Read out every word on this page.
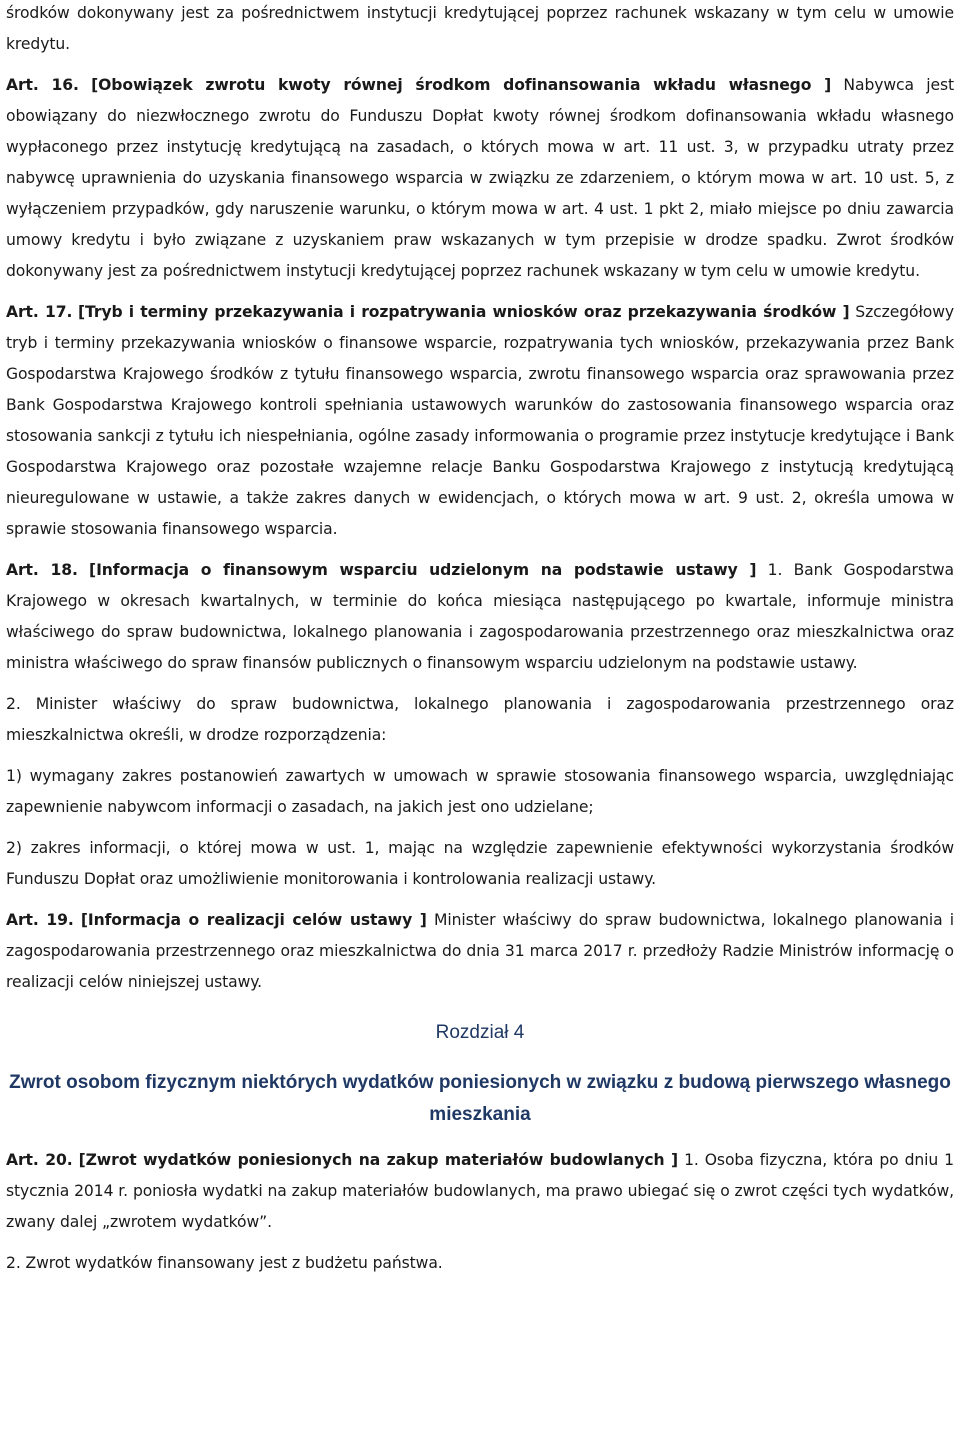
środków dokonywany jest za pośrednictwem instytucji kredytującej poprzez rachunek wskazany w tym celu w umowie kredytu.

Art. 16. [Obowiązek zwrotu kwoty równej środkom dofinansowania wkładu własnego ] Nabywca jest obowiązany do niezwłocznego zwrotu do Funduszu Dopłat kwoty równej środkom dofinansowania wkładu własnego wypłaconego przez instytucję kredytującą na zasadach, o których mowa w art. 11 ust. 3, w przypadku utraty przez nabywcę uprawnienia do uzyskania finansowego wsparcia w związku ze zdarzeniem, o którym mowa w art. 10 ust. 5, z wyłączeniem przypadków, gdy naruszenie warunku, o którym mowa w art. 4 ust. 1 pkt 2, miało miejsce po dniu zawarcia umowy kredytu i było związane z uzyskaniem praw wskazanych w tym przepisie w drodze spadku. Zwrot środków dokonywany jest za pośrednictwem instytucji kredytującej poprzez rachunek wskazany w tym celu w umowie kredytu.

Art. 17. [Tryb i terminy przekazywania i rozpatrywania wniosków oraz przekazywania środków ] Szczegółowy tryb i terminy przekazywania wniosków o finansowe wsparcie, rozpatrywania tych wniosków, przekazywania przez Bank Gospodarstwa Krajowego środków z tytułu finansowego wsparcia, zwrotu finansowego wsparcia oraz sprawowania przez Bank Gospodarstwa Krajowego kontroli spełniania ustawowych warunków do zastosowania finansowego wsparcia oraz stosowania sankcji z tytułu ich niespełniania, ogólne zasady informowania o programie przez instytucje kredytujące i Bank Gospodarstwa Krajowego oraz pozostałe wzajemne relacje Banku Gospodarstwa Krajowego z instytucją kredytującą nieuregulowane w ustawie, a także zakres danych w ewidencjach, o których mowa w art. 9 ust. 2, określa umowa w sprawie stosowania finansowego wsparcia.

Art. 18. [Informacja o finansowym wsparciu udzielonym na podstawie ustawy ] 1. Bank Gospodarstwa Krajowego w okresach kwartalnych, w terminie do końca miesiąca następującego po kwartale, informuje ministra właściwego do spraw budownictwa, lokalnego planowania i zagospodarowania przestrzennego oraz mieszkalnictwa oraz ministra właściwego do spraw finansów publicznych o finansowym wsparciu udzielonym na podstawie ustawy.

2. Minister właściwy do spraw budownictwa, lokalnego planowania i zagospodarowania przestrzennego oraz mieszkalnictwa określi, w drodze rozporządzenia:

1) wymagany zakres postanowień zawartych w umowach w sprawie stosowania finansowego wsparcia, uwzględniając zapewnienie nabywcom informacji o zasadach, na jakich jest ono udzielane;

2) zakres informacji, o której mowa w ust. 1, mając na względzie zapewnienie efektywności wykorzystania środków Funduszu Dopłat oraz umożliwienie monitorowania i kontrolowania realizacji ustawy.

Art. 19. [Informacja o realizacji celów ustawy ] Minister właściwy do spraw budownictwa, lokalnego planowania i zagospodarowania przestrzennego oraz mieszkalnictwa do dnia 31 marca 2017 r. przedłoży Radzie Ministrów informację o realizacji celów niniejszej ustawy.

Rozdział 4

Zwrot osobom fizycznym niektórych wydatków poniesionych w związku z budową pierwszego własnego mieszkania

Art. 20. [Zwrot wydatków poniesionych na zakup materiałów budowlanych ] 1. Osoba fizyczna, która po dniu 1 stycznia 2014 r. poniosła wydatki na zakup materiałów budowlanych, ma prawo ubiegać się o zwrot części tych wydatków, zwany dalej „zwrotem wydatków”.

2. Zwrot wydatków finansowany jest z budżetu państwa.
